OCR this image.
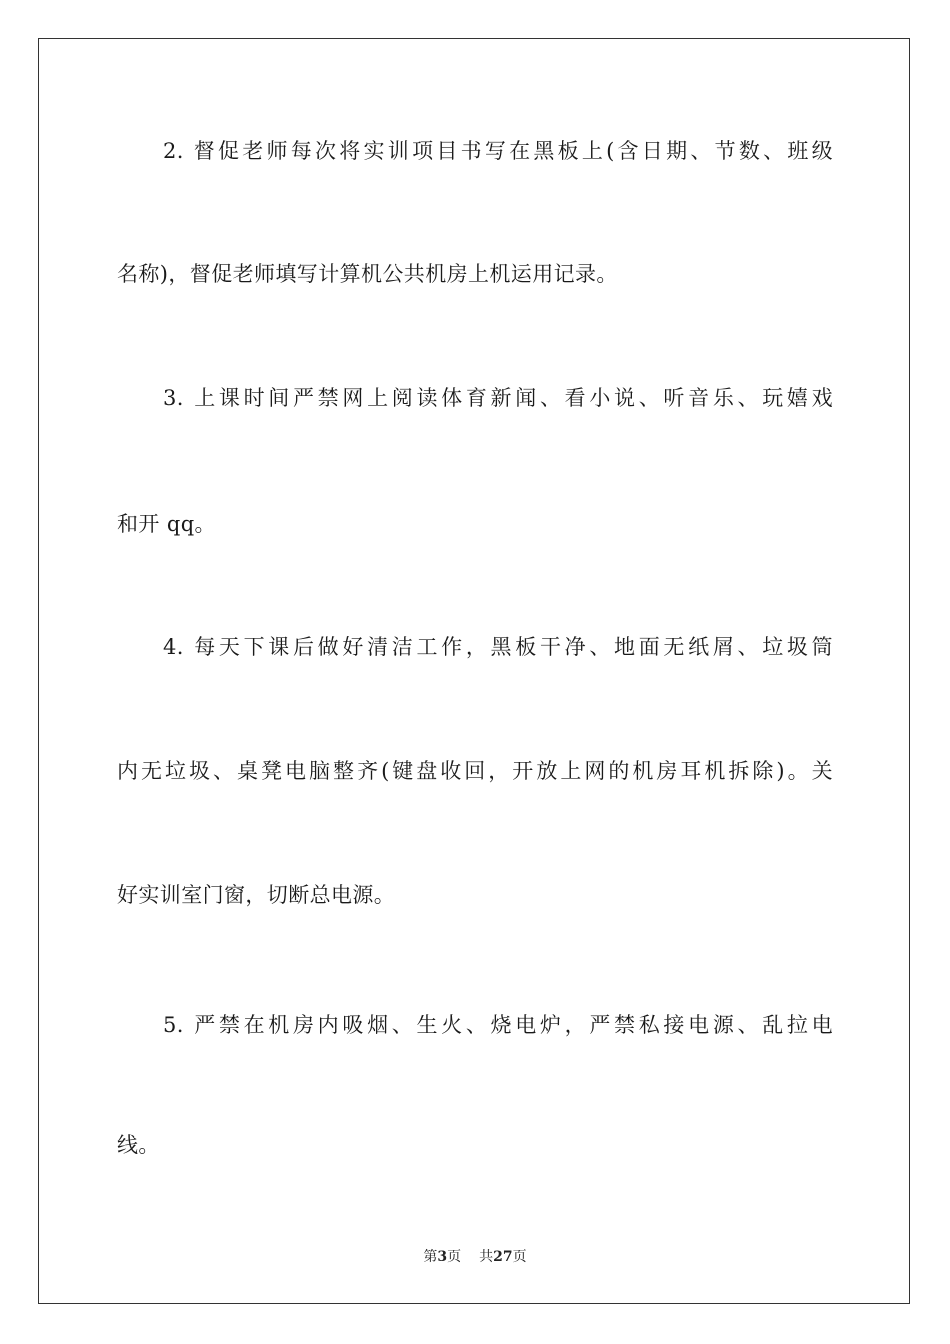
2. 督促老师每次将实训项目书写在黑板上(含日期、节数、班级
名称)，督促老师填写计算机公共机房上机运用记录。
3. 上课时间严禁网上阅读体育新闻、看小说、听音乐、玩嬉戏
和开 qq。
4. 每天下课后做好清洁工作，黑板干净、地面无纸屑、垃圾筒
内无垃圾、桌凳电脑整齐(键盘收回，开放上网的机房耳机拆除)。关
好实训室门窗，切断总电源。
5. 严禁在机房内吸烟、生火、烧电炉，严禁私接电源、乱拉电
线。
第3页 共27页
